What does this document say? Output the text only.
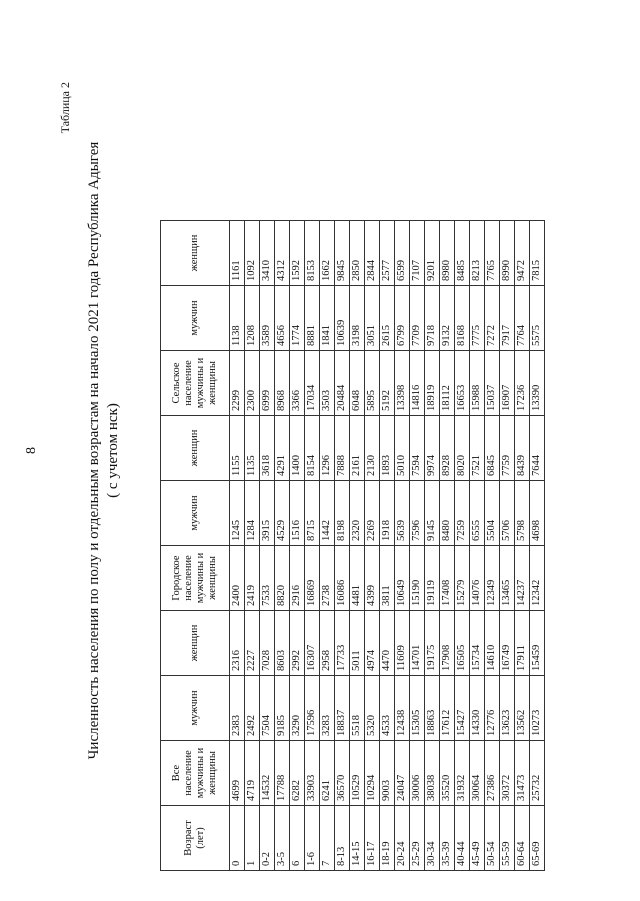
8
Таблица 2
Численность населения по полу и отдельным возрастам на начало 2021 года Республика Адыгея ( с учетом нск)
Возраст (лет)	Все население мужчины и женщины	мужчин	женщин	Городское население мужчины и женщины	мужчин	женщин	Сельское население мужчины и женщины	мужчин	женщин
0	4699	2383	2316	2400	1245	1155	2299	1138	1161
1	4719	2492	2227	2419	1284	1135	2300	1208	1092
0-2	14532	7504	7028	7533	3915	3618	6999	3589	3410
3-5	17788	9185	8603	8820	4529	4291	8968	4656	4312
6	6282	3290	2992	2916	1516	1400	3366	1774	1592
1-6	33903	17596	16307	16869	8715	8154	17034	8881	8153
7	6241	3283	2958	2738	1442	1296	3503	1841	1662
8-13	36570	18837	17733	16086	8198	7888	20484	10639	9845
14-15	10529	5518	5011	4481	2320	2161	6048	3198	2850
16-17	10294	5320	4974	4399	2269	2130	5895	3051	2844
18-19	9003	4533	4470	3811	1918	1893	5192	2615	2577
20-24	24047	12438	11609	10649	5639	5010	13398	6799	6599
25-29	30006	15305	14701	15190	7596	7594	14816	7709	7107
30-34	38038	18863	19175	19119	9145	9974	18919	9718	9201
35-39	35520	17612	17908	17408	8480	8928	18112	9132	8980
40-44	31932	15427	16505	15279	7259	8020	16653	8168	8485
45-49	30064	14330	15734	14076	6555	7521	15988	7775	8213
50-54	27386	12776	14610	12349	5504	6845	15037	7272	7765
55-59	30372	13623	16749	13465	5706	7759	16907	7917	8990
60-64	31473	13562	17911	14237	5798	8439	17236	7764	9472
65-69	25732	10273	15459	12342	4698	7644	13390	5575	7815
